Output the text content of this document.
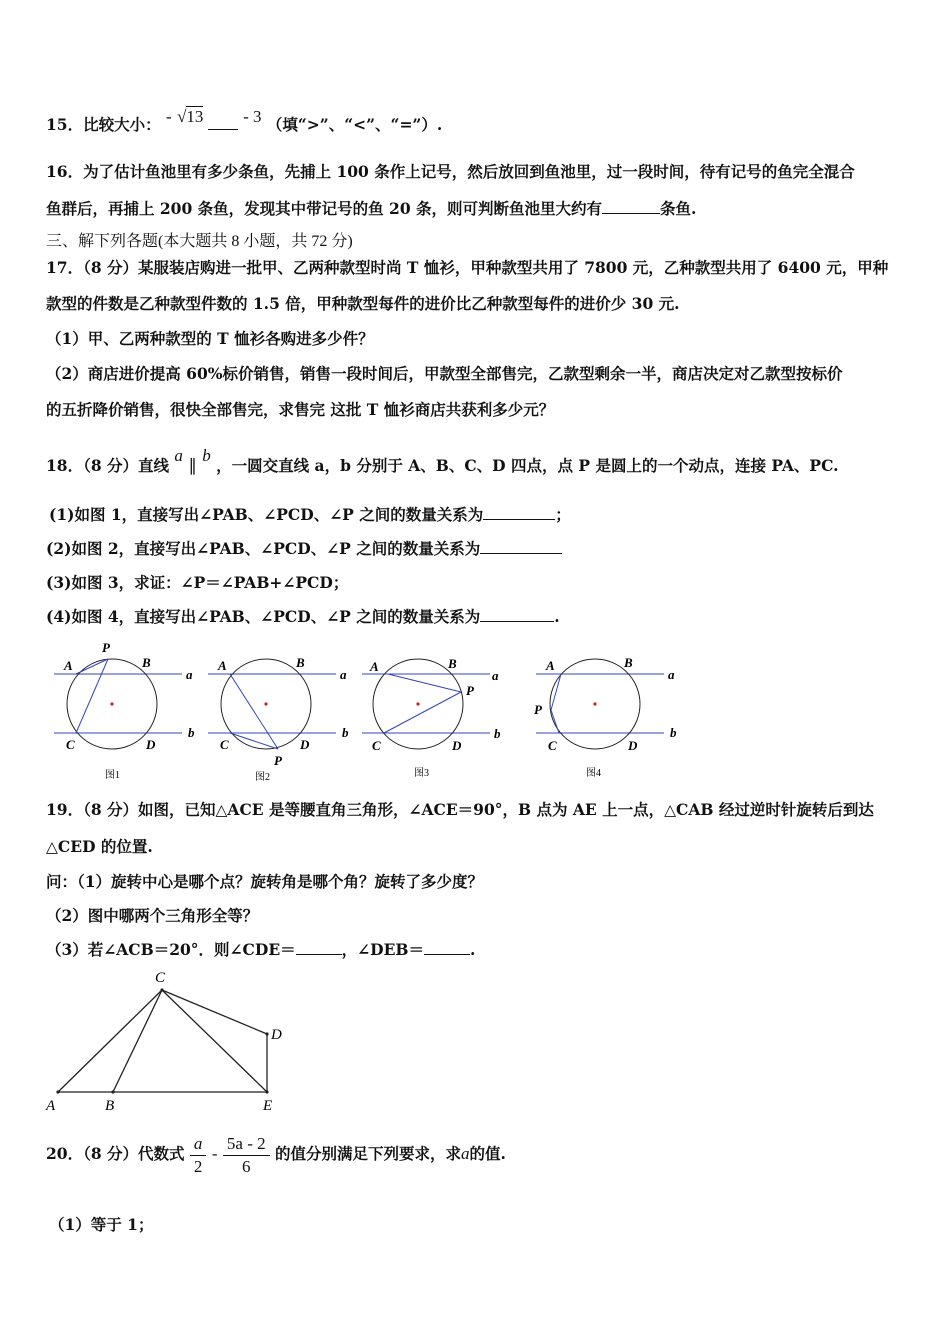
15．比较大小： - √13 - 3 （填“>”、“<”、“=”）.
16．为了估计鱼池里有多少条鱼，先捕上 100 条作上记号，然后放回到鱼池里，过一段时间，待有记号的鱼完全混合
鱼群后，再捕上 200 条鱼，发现其中带记号的鱼 20 条，则可判断鱼池里大约有	条鱼.
三、解下列各题(本大题共 8 小题，共 72 分)
17．（8 分）某服装店购进一批甲、乙两种款型时尚 T 恤衫，甲种款型共用了 7800 元，乙种款型共用了 6400 元，甲种
款型的件数是乙种款型件数的 1.5 倍，甲种款型每件的进价比乙种款型每件的进价少 30 元.
（1）甲、乙两种款型的 T 恤衫各购进多少件？
（2）商店进价提高 60%标价销售，销售一段时间后，甲款型全部售完，乙款型剩余一半，商店决定对乙款型按标价
的五折降价销售，很快全部售完，求售完 这批 T 恤衫商店共获利多少元？
18．（8 分）直线 a ∥ b ，一圆交直线 a，b 分别于 A、B、C、D 四点，点 P 是圆上的一个动点，连接 PA、PC.
(1)如图 1，直接写出∠PAB、∠PCD、∠P 之间的数量关系为	；
(2)如图 2，直接写出∠PAB、∠PCD、∠P 之间的数量关系为
(3)如图 3，求证：∠P＝∠PAB+∠PCD；
(4)如图 4，直接写出∠PAB、∠PCD、∠P 之间的数量关系为	.
P
A	B
a
C	D
b
图1
A	B
a
C	D
b
P
图2
A	B
P
a
C	D
b
图3
A	B
a
P
C	D
b
图4
19．（8 分）如图，已知△ACE 是等腰直角三角形，∠ACE＝90°，B 点为 AE 上一点，△CAB 经过逆时针旋转后到达
△CED 的位置.
问：（1）旋转中心是哪个点？旋转角是哪个角？旋转了多少度？
（2）图中哪两个三角形全等？
（3）若∠ACB＝20°．则∠CDE＝	，∠DEB＝	.
C
D
A	B	E
20．（8 分）代数式 $\frac{a}{2} - \frac{5a - 2}{6}$ 的值分别满足下列要求，求a的值.
（1）等于 1；
